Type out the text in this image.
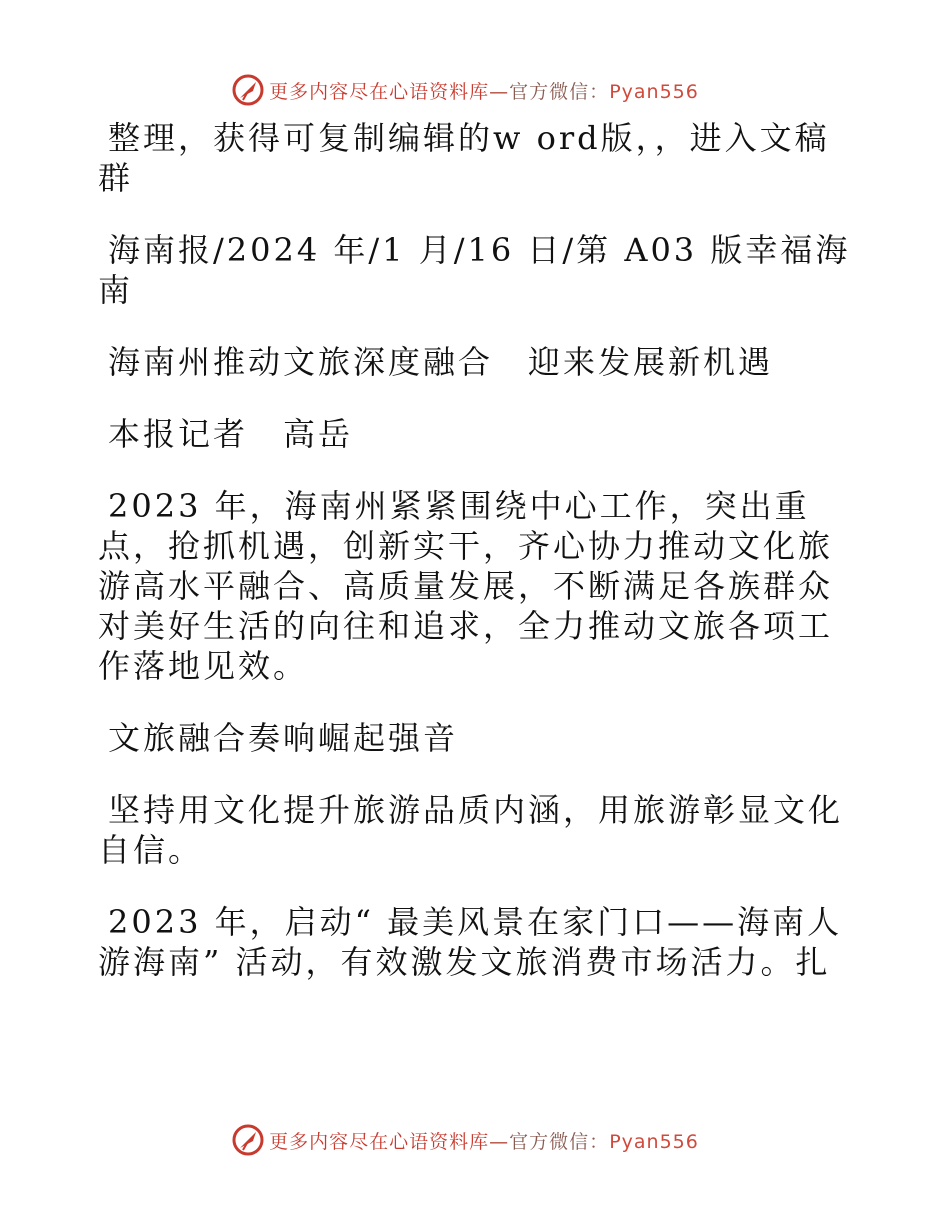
更多内容尽在心语资料库—官方微信：Pyan556

整理，获得可复制编辑的w ord版，，进入文稿群

海南报/2024 年/1 月/16 日/第 A03 版幸福海南

海南州推动文旅深度融合　迎来发展新机遇

本报记者　高岳

2023 年，海南州紧紧围绕中心工作，突出重点，抢抓机遇，创新实干，齐心协力推动文化旅游高水平融合、高质量发展，不断满足各族群众对美好生活的向往和追求，全力推动文旅各项工作落地见效。

文旅融合奏响崛起强音

坚持用文化提升旅游品质内涵，用旅游彰显文化自信。

2023 年，启动“ 最美风景在家门口——海南人游海南” 活动，有效激发文旅消费市场活力。扎

更多内容尽在心语资料库—官方微信：Pyan556
